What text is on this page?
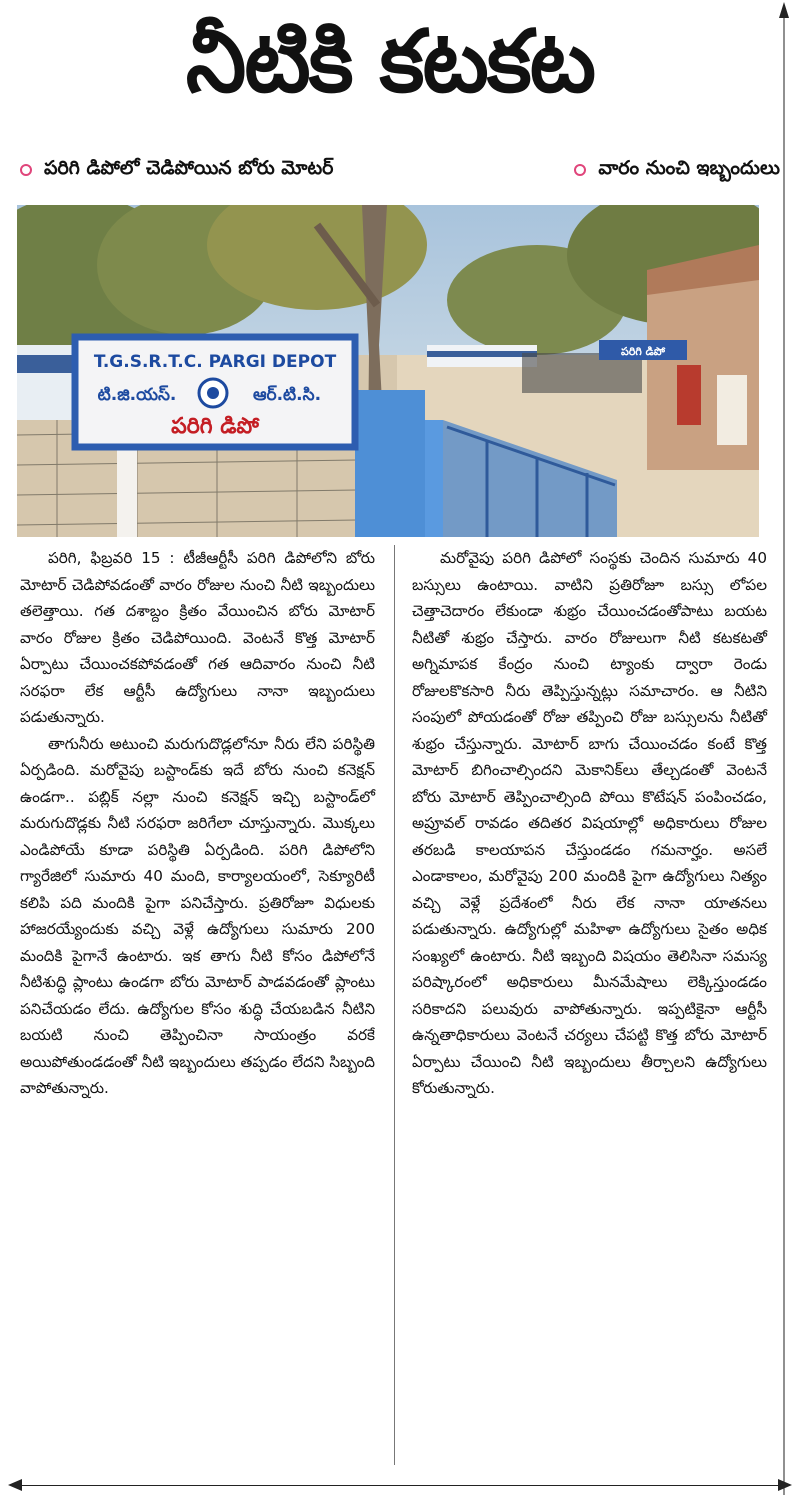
నీటికి కటకట
పరిగి డిపోలో చెడిపోయిన బోరు మోటర్	వారం నుంచి ఇబ్బందులు
పరిగి డిపో
T.G.S.R.T.C. PARGI DEPOT
టి.జి.యస్.	ఆర్.టి.సి.
పరిగి డిపో

పరిగి, ఫిబ్రవరి 15 : టీజీఆర్టీసీ పరిగి డిపోలోని బోరు మోటార్ చెడిపోవడంతో వారం రోజుల నుంచి నీటి ఇబ్బందులు తలెత్తాయి. గత దశాబ్దం క్రితం వేయించిన బోరు మోటార్ వారం రోజుల క్రితం చెడిపోయింది. వెంటనే కొత్త మోటార్ ఏర్పాటు చేయించకపోవడంతో గత ఆదివారం నుంచి నీటి సరఫరా లేక ఆర్టీసీ ఉద్యోగులు నానా ఇబ్బందులు పడుతున్నారు.

తాగునీరు అటుంచి మరుగుదొడ్లలోనూ నీరు లేని పరిస్థితి ఏర్పడింది. మరోవైపు బస్టాండ్‌కు ఇదే బోరు నుంచి కనెక్షన్ ఉండగా.. పబ్లిక్ నల్లా నుంచి కనెక్షన్ ఇచ్చి బస్టాండ్‌లో మరుగుదొడ్లకు నీటి సరఫరా జరిగేలా చూస్తున్నారు. మొక్కలు ఎండిపోయే కూడా పరిస్థితి ఏర్పడింది. పరిగి డిపోలోని గ్యారేజిలో సుమారు 40 మంది, కార్యాలయంలో, సెక్యూరిటీ కలిపి పది మందికి పైగా పనిచేస్తారు. ప్రతిరోజూ విధులకు హాజరయ్యేందుకు వచ్చి వెళ్లే ఉద్యోగులు సుమారు 200 మందికి పైగానే ఉంటారు. ఇక తాగు నీటి కోసం డిపోలోనే నీటిశుద్ధి ప్లాంటు ఉండగా బోరు మోటార్ పాడవడంతో ప్లాంటు పనిచేయడం లేదు. ఉద్యోగుల కోసం శుద్ధి చేయబడిన నీటిని బయటి నుంచి తెప్పించినా సాయంత్రం వరకే అయిపోతుండడంతో నీటి ఇబ్బందులు తప్పడం లేదని సిబ్బంది వాపోతున్నారు.

మరోవైపు పరిగి డిపోలో సంస్థకు చెందిన సుమారు 40 బస్సులు ఉంటాయి. వాటిని ప్రతిరోజూ బస్సు లోపల చెత్తాచెదారం లేకుండా శుభ్రం చేయించడంతోపాటు బయట నీటితో శుభ్రం చేస్తారు. వారం రోజులుగా నీటి కటకటతో అగ్నిమాపక కేంద్రం నుంచి ట్యాంకు ద్వారా రెండు రోజులకొకసారి నీరు తెప్పిస్తున్నట్లు సమాచారం. ఆ నీటిని సంపులో పోయడంతో రోజు తప్పించి రోజు బస్సులను నీటితో శుభ్రం చేస్తున్నారు. మోటార్ బాగు చేయించడం కంటే కొత్త మోటార్ బిగించాల్సిందని మెకానిక్‌లు తేల్చడంతో వెంటనే బోరు మోటార్ తెప్పించాల్సింది పోయి కొటేషన్ పంపించడం, అప్రూవల్ రావడం తదితర విషయాల్లో అధికారులు రోజుల తరబడి కాలయాపన చేస్తుండడం గమనార్హం. అసలే ఎండాకాలం, మరోవైపు 200 మందికి పైగా ఉద్యోగులు నిత్యం వచ్చి వెళ్లే ప్రదేశంలో నీరు లేక నానా యాతనలు పడుతున్నారు. ఉద్యోగుల్లో మహిళా ఉద్యోగులు సైతం అధిక సంఖ్యలో ఉంటారు. నీటి ఇబ్బంది విషయం తెలిసినా సమస్య పరిష్కారంలో అధికారులు మీనమేషాలు లెక్కిస్తుండడం సరికాదని పలువురు వాపోతున్నారు. ఇప్పటికైనా ఆర్టీసీ ఉన్నతాధికారులు వెంటనే చర్యలు చేపట్టి కొత్త బోరు మోటార్ ఏర్పాటు చేయించి నీటి ఇబ్బందులు తీర్చాలని ఉద్యోగులు కోరుతున్నారు.
